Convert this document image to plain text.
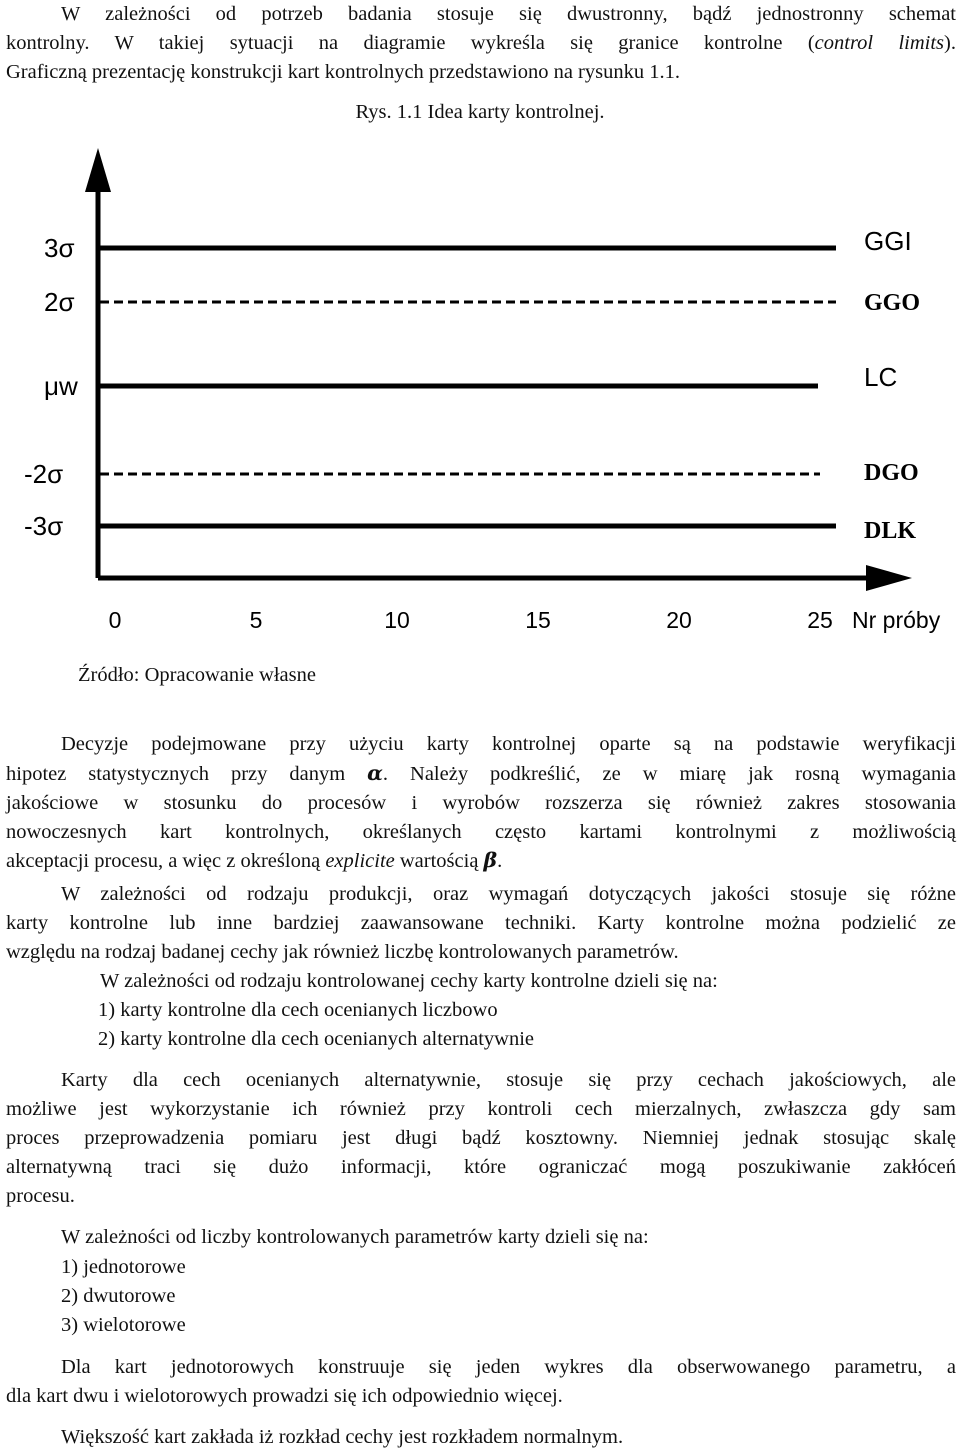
W zależności od potrzeb badania stosuje się dwustronny, bądź jednostronny schemat
kontrolny. W takiej sytuacji na diagramie wykreśla się granice kontrolne (control limits).

Graficzną prezentację konstrukcji kart kontrolnych przedstawiono na rysunku 1.1.

Rys. 1.1 Idea karty kontrolnej.
3σ
2σ
μw
-2σ
-3σ
GGI
GGO
LC
DGO
DLK
0	5	10	15	20	25 Nr próby
Źródło: Opracowanie własne

Decyzje podejmowane przy użyciu karty kontrolnej oparte są na podstawie weryfikacji
hipotez statystycznych przy danym α. Należy podkreślić, ze w miarę jak rosną wymagania
jakościowe w stosunku do procesów i wyrobów rozszerza się również zakres stosowania
nowoczesnych kart kontrolnych, określanych często kartami kontrolnymi z możliwością

akceptacji procesu, a więc z określoną explicite wartością β.

W zależności od rodzaju produkcji, oraz wymagań dotyczących jakości stosuje się różne
karty kontrolne lub inne bardziej zaawansowane techniki. Karty kontrolne można podzielić ze

względu na rodzaj badanej cechy jak również liczbę kontrolowanych parametrów.

W zależności od rodzaju kontrolowanej cechy karty kontrolne dzieli się na:

1) karty kontrolne dla cech ocenianych liczbowo
2) karty kontrolne dla cech ocenianych alternatywnie

Karty dla cech ocenianych alternatywnie, stosuje się przy cechach jakościowych, ale
możliwe jest wykorzystanie ich również przy kontroli cech mierzalnych, zwłaszcza gdy sam
proces przeprowadzenia pomiaru jest długi bądź kosztowny. Niemniej jednak stosując skalę
alternatywną traci się dużo informacji, które ograniczać mogą poszukiwanie zakłóceń

procesu.

W zależności od liczby kontrolowanych parametrów karty dzieli się na:

1) jednotorowe
2) dwutorowe
3) wielotorowe

Dla kart jednotorowych konstruuje się jeden wykres dla obserwowanego parametru, a

dla kart dwu i wielotorowych prowadzi się ich odpowiednio więcej.

Większość kart zakłada iż rozkład cechy jest rozkładem normalnym.
